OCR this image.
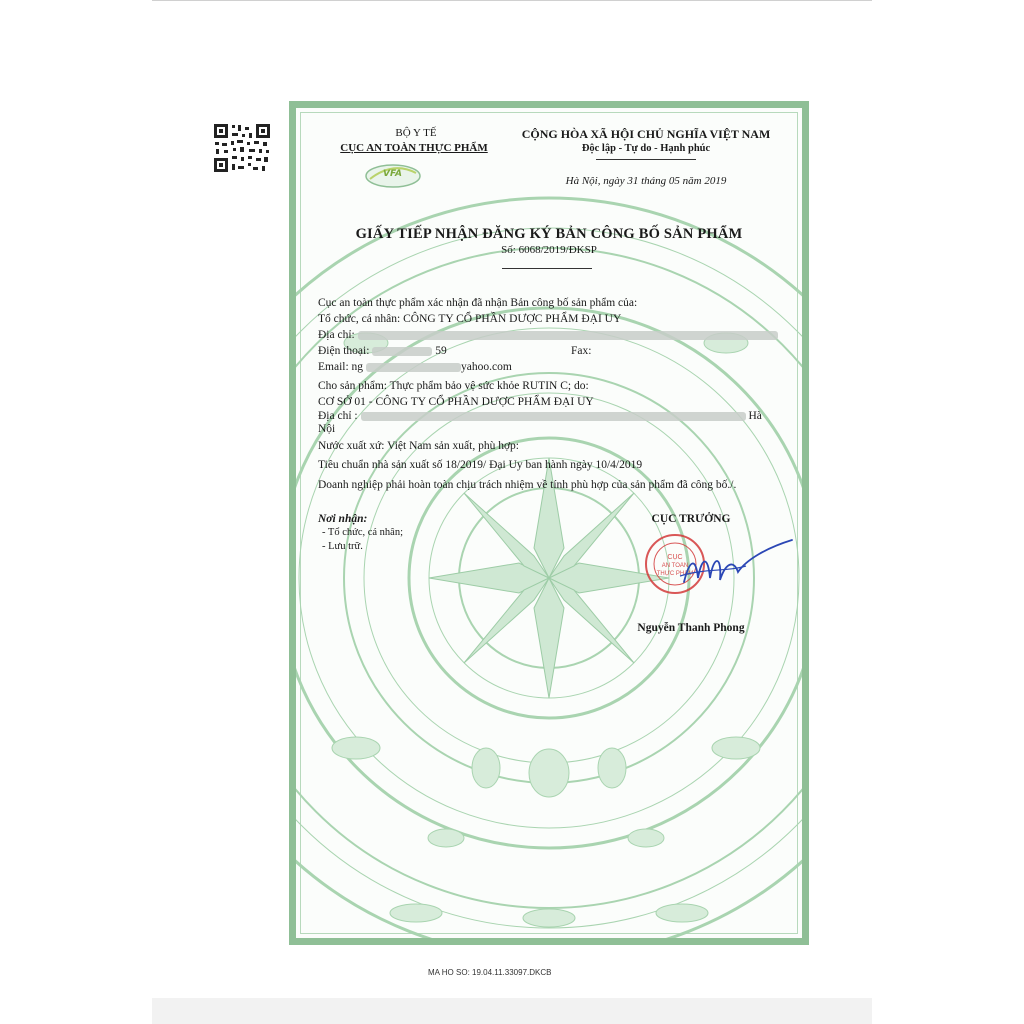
VFA
BỘ Y TẾ
CỤC AN TOÀN THỰC PHẨM
CỘNG HÒA XÃ HỘI CHỦ NGHĨA VIỆT NAM
Độc lập - Tự do - Hạnh phúc
Hà Nội, ngày 31 tháng 05 năm 2019
GIẤY TIẾP NHẬN ĐĂNG KÝ BẢN CÔNG BỐ SẢN PHẨM
Số: 6068/2019/ĐKSP
Cục an toàn thực phẩm xác nhận đã nhận Bản công bố sản phẩm của:
Tổ chức, cá nhân: CÔNG TY CỔ PHẦN DƯỢC PHẨM ĐẠI UY
Địa chỉ:
Điện thoại:	59	Fax:
Email: ng	yahoo.com
Cho sản phẩm: Thực phẩm bảo vệ sức khỏe RUTIN C; do:
CƠ SỞ 01 - CÔNG TY CỔ PHẦN DƯỢC PHẨM ĐẠI UY
Địa chỉ :	Hà
Nội
Nước xuất xứ: Việt Nam sản xuất, phù hợp:
Tiêu chuẩn nhà sản xuất số 18/2019/ Đại Uy ban hành ngày 10/4/2019
Doanh nghiệp phải hoàn toàn chịu trách nhiệm về tính phù hợp của sản phẩm đã công bố./.
Nơi nhận:
- Tổ chức, cá nhân;
- Lưu trữ.
CỤC TRƯỞNG
CỤC
AN TOÀN
THỰC PHẨM
Nguyễn Thanh Phong
MA HO SO: 19.04.11.33097.DKCB
